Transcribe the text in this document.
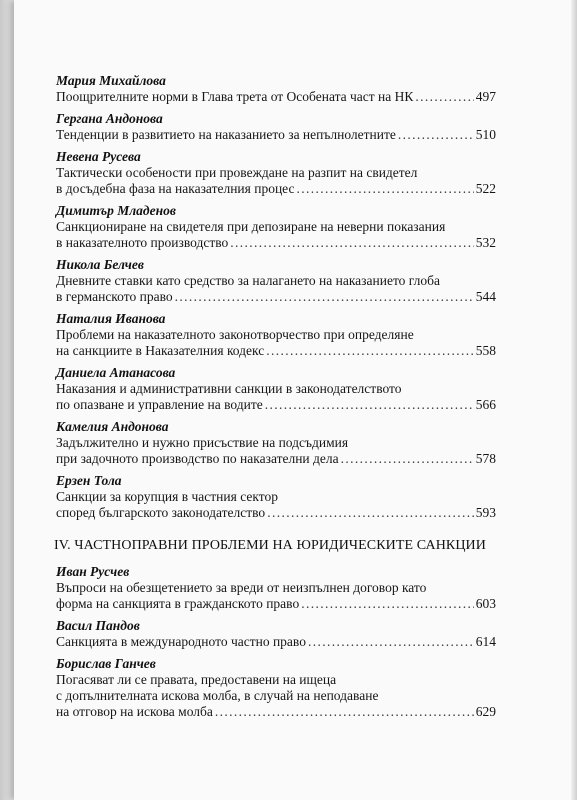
Мария Михайлова
Поощрителните норми в Глава трета от Особената част на НК . . .	497
Гергана Андонова
Тенденции в развитието на наказанието за непълнолетните . . .	510
Невена Русева
Тактически особености при провеждане на разпит на свидетел
в досъдебна фаза на наказателния процес . . .	522
Димитър Младенов
Санкциониране на свидетеля при депозиране на неверни показания
в наказателното производство . . .	532
Никола Белчев
Дневните ставки като средство за налагането на наказанието глоба
в германското право . . .	544
Наталия Иванова
Проблеми на наказателното законотворчество при определяне
на санкциите в Наказателния кодекс . . .	558
Даниела Атанасова
Наказания и административни санкции в законодателството
по опазване и управление на водите . . .	566
Камелия Андонова
Задължително и нужно присъствие на подсъдимия
при задочното производство по наказателни дела . . .	578
Ерзен Тола
Санкции за корупция в частния сектор
според българското законодателство . . .	593
IV. ЧАСТНОПРАВНИ ПРОБЛЕМИ НА ЮРИДИЧЕСКИТЕ САНКЦИИ
Иван Русчев
Въпроси на обезщетението за вреди от неизпълнен договор като
форма на санкцията в гражданското право . . .	603
Васил Пандов
Санкцията в международното частно право . . .	614
Борислав Ганчев
Погасяват ли се правата, предоставени на ищеца
с допълнителната искова молба, в случай на неподаване
на отговор на искова молба . . .	629
